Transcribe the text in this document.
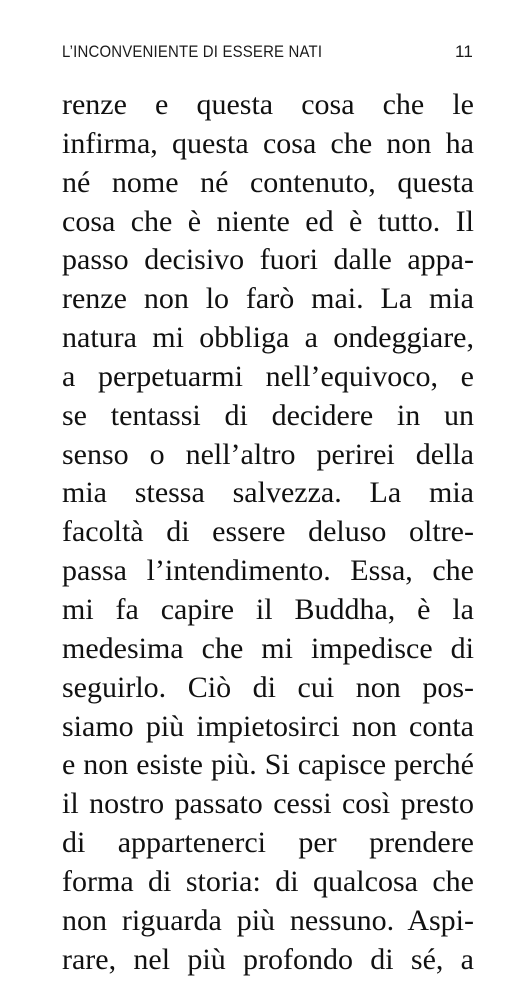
L’INCONVENIENTE DI ESSERE NATI	11
renze e questa cosa che le
infirma, questa cosa che non ha
né nome né contenuto, questa
cosa che è niente ed è tutto. Il
passo decisivo fuori dalle appa-
renze non lo farò mai. La mia
natura mi obbliga a ondeggiare,
a perpetuarmi nell’equivoco, e
se tentassi di decidere in un
senso o nell’altro perirei della
mia stessa salvezza. La mia
facoltà di essere deluso oltre-
passa l’intendimento. Essa, che
mi fa capire il Buddha, è la
medesima che mi impedisce di
seguirlo. Ciò di cui non pos-
siamo più impietosirci non conta
e non esiste più. Si capisce perché
il nostro passato cessi così presto
di appartenerci per prendere
forma di storia: di qualcosa che
non riguarda più nessuno. Aspi-
rare, nel più profondo di sé, a
